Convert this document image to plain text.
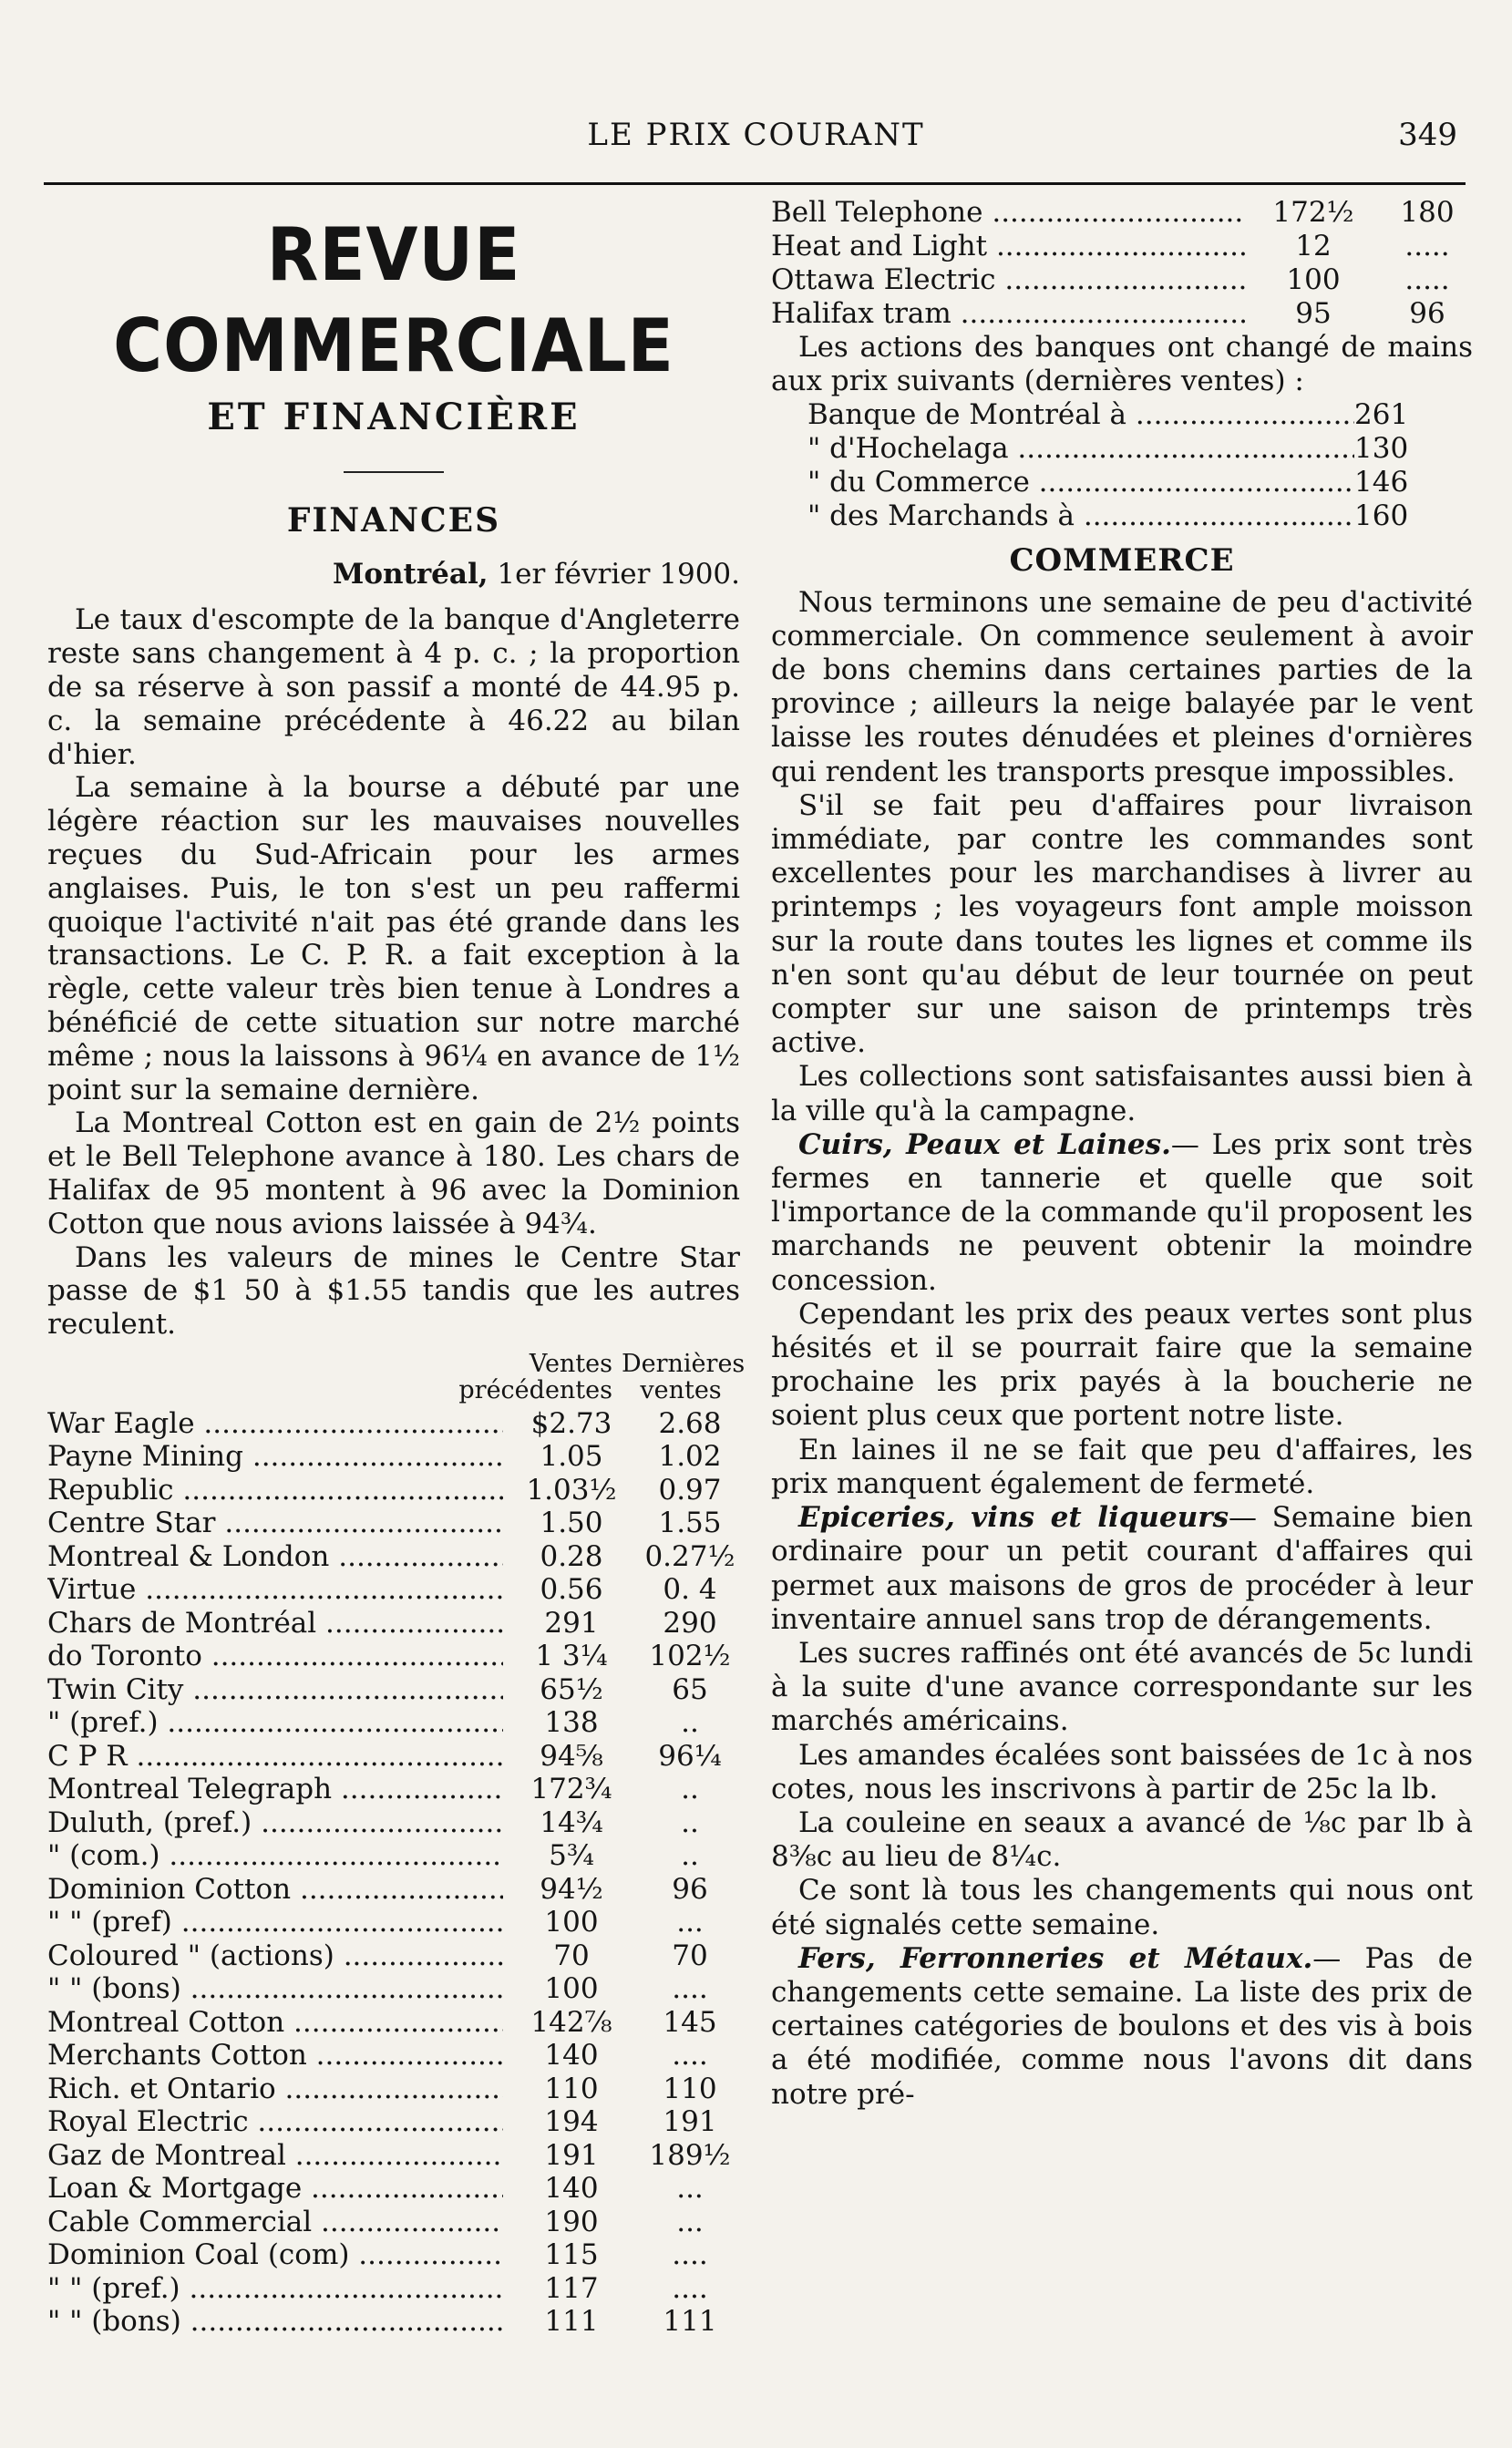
LE PRIX COURANT	349
REVUE COMMERCIALE
ET FINANCIÈRE
FINANCES
Montréal, 1er février 1900.

Le taux d'escompte de la banque d'Angleterre reste sans changement à 4 p. c. ; la proportion de sa réserve à son passif a monté de 44.95 p. c. la semaine précédente à 46.22 au bilan d'hier.

La semaine à la bourse a débuté par une légère réaction sur les mauvaises nouvelles reçues du Sud-Africain pour les armes anglaises. Puis, le ton s'est un peu raffermi quoique l'activité n'ait pas été grande dans les transactions. Le C. P. R. a fait exception à la règle, cette valeur très bien tenue à Londres a bénéficié de cette situation sur notre marché même ; nous la laissons à 96¼ en avance de 1½ point sur la semaine dernière.

La Montreal Cotton est en gain de 2½ points et le Bell Telephone avance à 180. Les chars de Halifax de 95 montent à 96 avec la Dominion Cotton que nous avions laissée à 94¾.

Dans les valeurs de mines le Centre Star passe de $1 50 à $1.55 tandis que les autres reculent.

Ventes précédentes
Dernières ventes
War Eagle .....	$2.73	2.68
Payne Mining .....	1.05	1.02
Republic .....	1.03½	0.97
Centre Star .....	1.50	1.55
Montreal & London .....	0.28	0.27½
Virtue .....	0.56	0. 4
Chars de Montréal .....	291	290
do Toronto .....	1 3¼	102½
Twin City .....	65½	65
" (pref.) .....	138	..
C P R .....	94⅝	96¼
Montreal Telegraph .....	172¾	..
Duluth, (pref.) .....	14¾	..
" (com.) .....	5¾	..
Dominion Cotton .....	94½	96
" " (pref) .....	100	...
Coloured " (actions) .....	70	70
" " (bons) .....	100	....
Montreal Cotton .....	142⅞	145
Merchants Cotton .....	140	....
Rich. et Ontario .....	110	110
Royal Electric .....	194	191
Gaz de Montreal .....	191	189½
Loan & Mortgage .....	140	...
Cable Commercial .....	190	...
Dominion Coal (com) .....	115	....
" " (pref.) .....	117	....
" " (bons) .....	111	111
Bell Telephone .....	172½	180
Heat and Light .....	12	.....
Ottawa Electric .....	100	.....
Halifax tram .....	95	96

Les actions des banques ont changé de mains aux prix suivants (dernières ventes) :

Banque de Montréal à .....	261
" d'Hochelaga .....	130
" du Commerce .....	146
" des Marchands à .....	160
COMMERCE

Nous terminons une semaine de peu d'activité commerciale. On commence seulement à avoir de bons chemins dans certaines parties de la province ; ailleurs la neige balayée par le vent laisse les routes dénudées et pleines d'ornières qui rendent les transports presque impossibles.

S'il se fait peu d'affaires pour livraison immédiate, par contre les commandes sont excellentes pour les marchandises à livrer au printemps ; les voyageurs font ample moisson sur la route dans toutes les lignes et comme ils n'en sont qu'au début de leur tournée on peut compter sur une saison de printemps très active.

Les collections sont satisfaisantes aussi bien à la ville qu'à la campagne.

Cuirs, Peaux et Laines.— Les prix sont très fermes en tannerie et quelle que soit l'importance de la commande qu'il proposent les marchands ne peuvent obtenir la moindre concession.

Cependant les prix des peaux vertes sont plus hésités et il se pourrait faire que la semaine prochaine les prix payés à la boucherie ne soient plus ceux que portent notre liste.

En laines il ne se fait que peu d'affaires, les prix manquent également de fermeté.

Epiceries, vins et liqueurs— Semaine bien ordinaire pour un petit courant d'affaires qui permet aux maisons de gros de procéder à leur inventaire annuel sans trop de dérangements.

Les sucres raffinés ont été avancés de 5c lundi à la suite d'une avance correspondante sur les marchés américains.

Les amandes écalées sont baissées de 1c à nos cotes, nous les inscrivons à partir de 25c la lb.

La couleine en seaux a avancé de ⅛c par lb à 8⅜c au lieu de 8¼c.

Ce sont là tous les changements qui nous ont été signalés cette semaine.

Fers, Ferronneries et Métaux.— Pas de changements cette semaine. La liste des prix de certaines catégories de boulons et des vis à bois a été modifiée, comme nous l'avons dit dans notre pré-
